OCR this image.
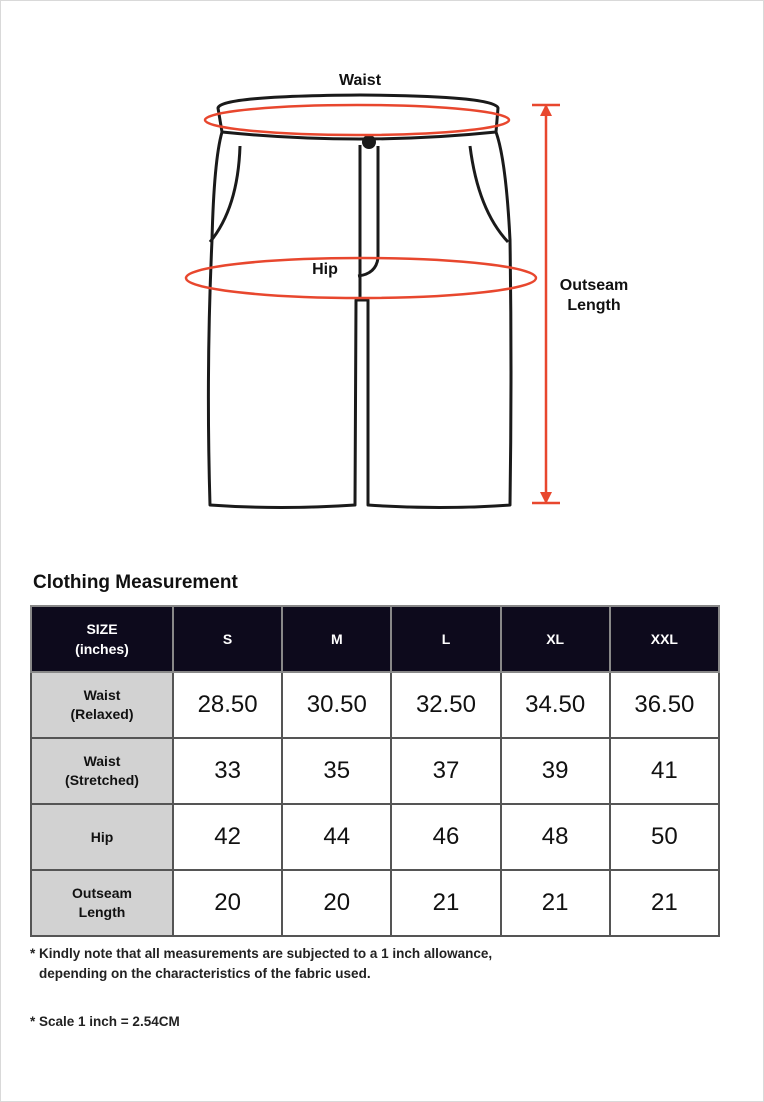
Waist
Hip
Outseam
Length
Clothing Measurement
SIZE
(inches)	S	M	L	XL	XXL

Waist
(Relaxed)	28.50	30.50	32.50	34.50	36.50

Waist
(Stretched)	33	35	37	39	41

Hip	42	44	46	48	50

Outseam
Length	20	20	21	21	21
* Kindly note that all measurements are subjected to a 1 inch allowance,
depending on the characteristics of the fabric used.
* Scale 1 inch = 2.54CM
